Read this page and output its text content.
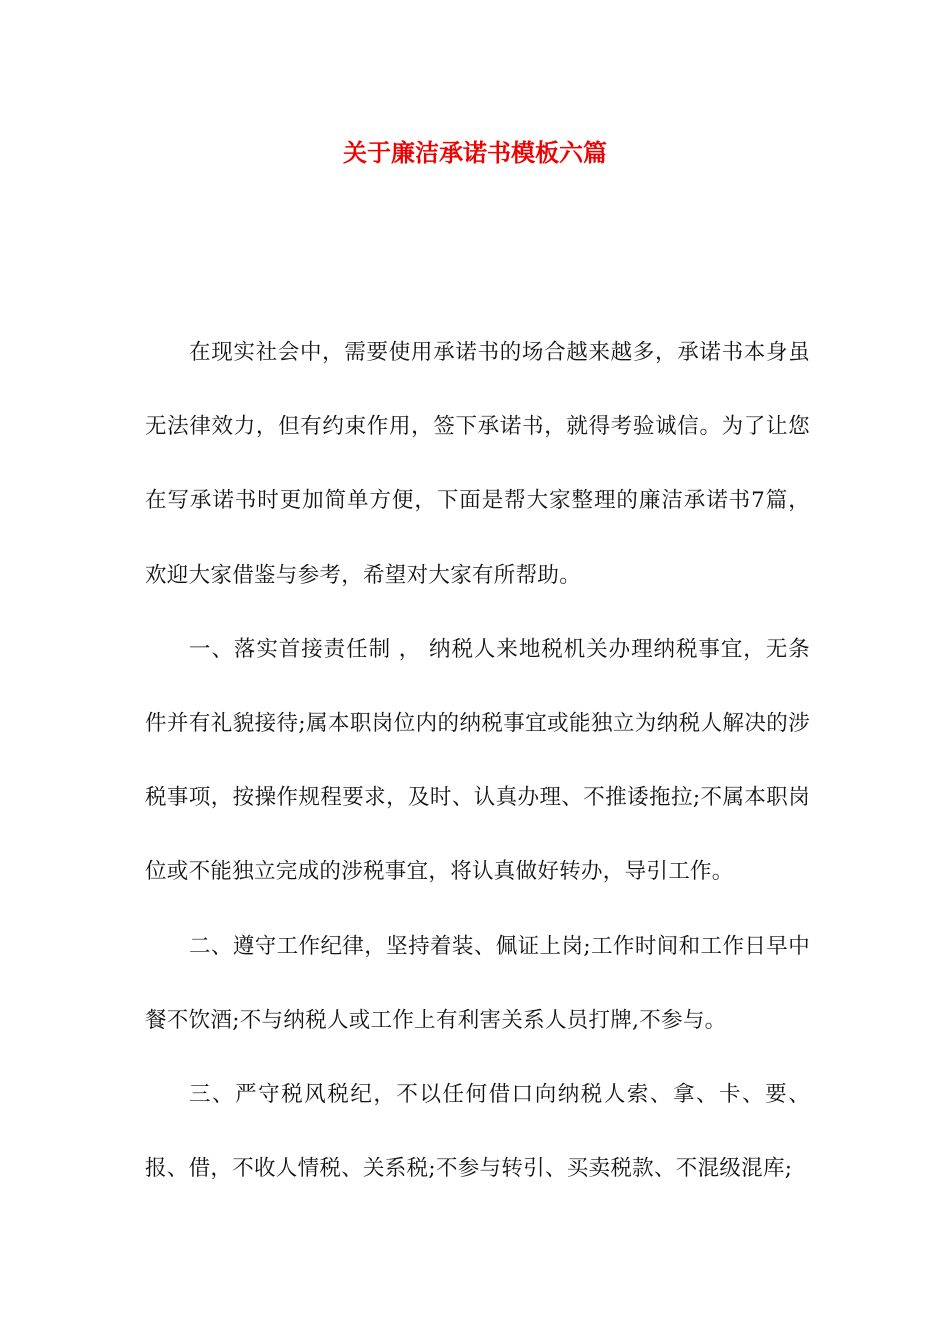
关于廉洁承诺书模板六篇

在现实社会中，需要使用承诺书的场合越来越多，承诺书本身虽无法律效力，但有约束作用，签下承诺书，就得考验诚信。为了让您在写承诺书时更加简单方便，下面是帮大家整理的廉洁承诺书7篇，欢迎大家借鉴与参考，希望对大家有所帮助。

一、落实首接责任制 ， 纳税人来地税机关办理纳税事宜，无条件并有礼貌接待;属本职岗位内的纳税事宜或能独立为纳税人解决的涉税事项，按操作规程要求，及时、认真办理、不推诿拖拉;不属本职岗位或不能独立完成的涉税事宜，将认真做好转办，导引工作。

二、遵守工作纪律，坚持着装、佩证上岗;工作时间和工作日早中餐不饮酒;不与纳税人或工作上有利害关系人员打牌,不参与。

三、严守税风税纪，不以任何借口向纳税人索、拿、卡、要、报、借，不收人情税、关系税;不参与转引、买卖税款、不混级混库;
